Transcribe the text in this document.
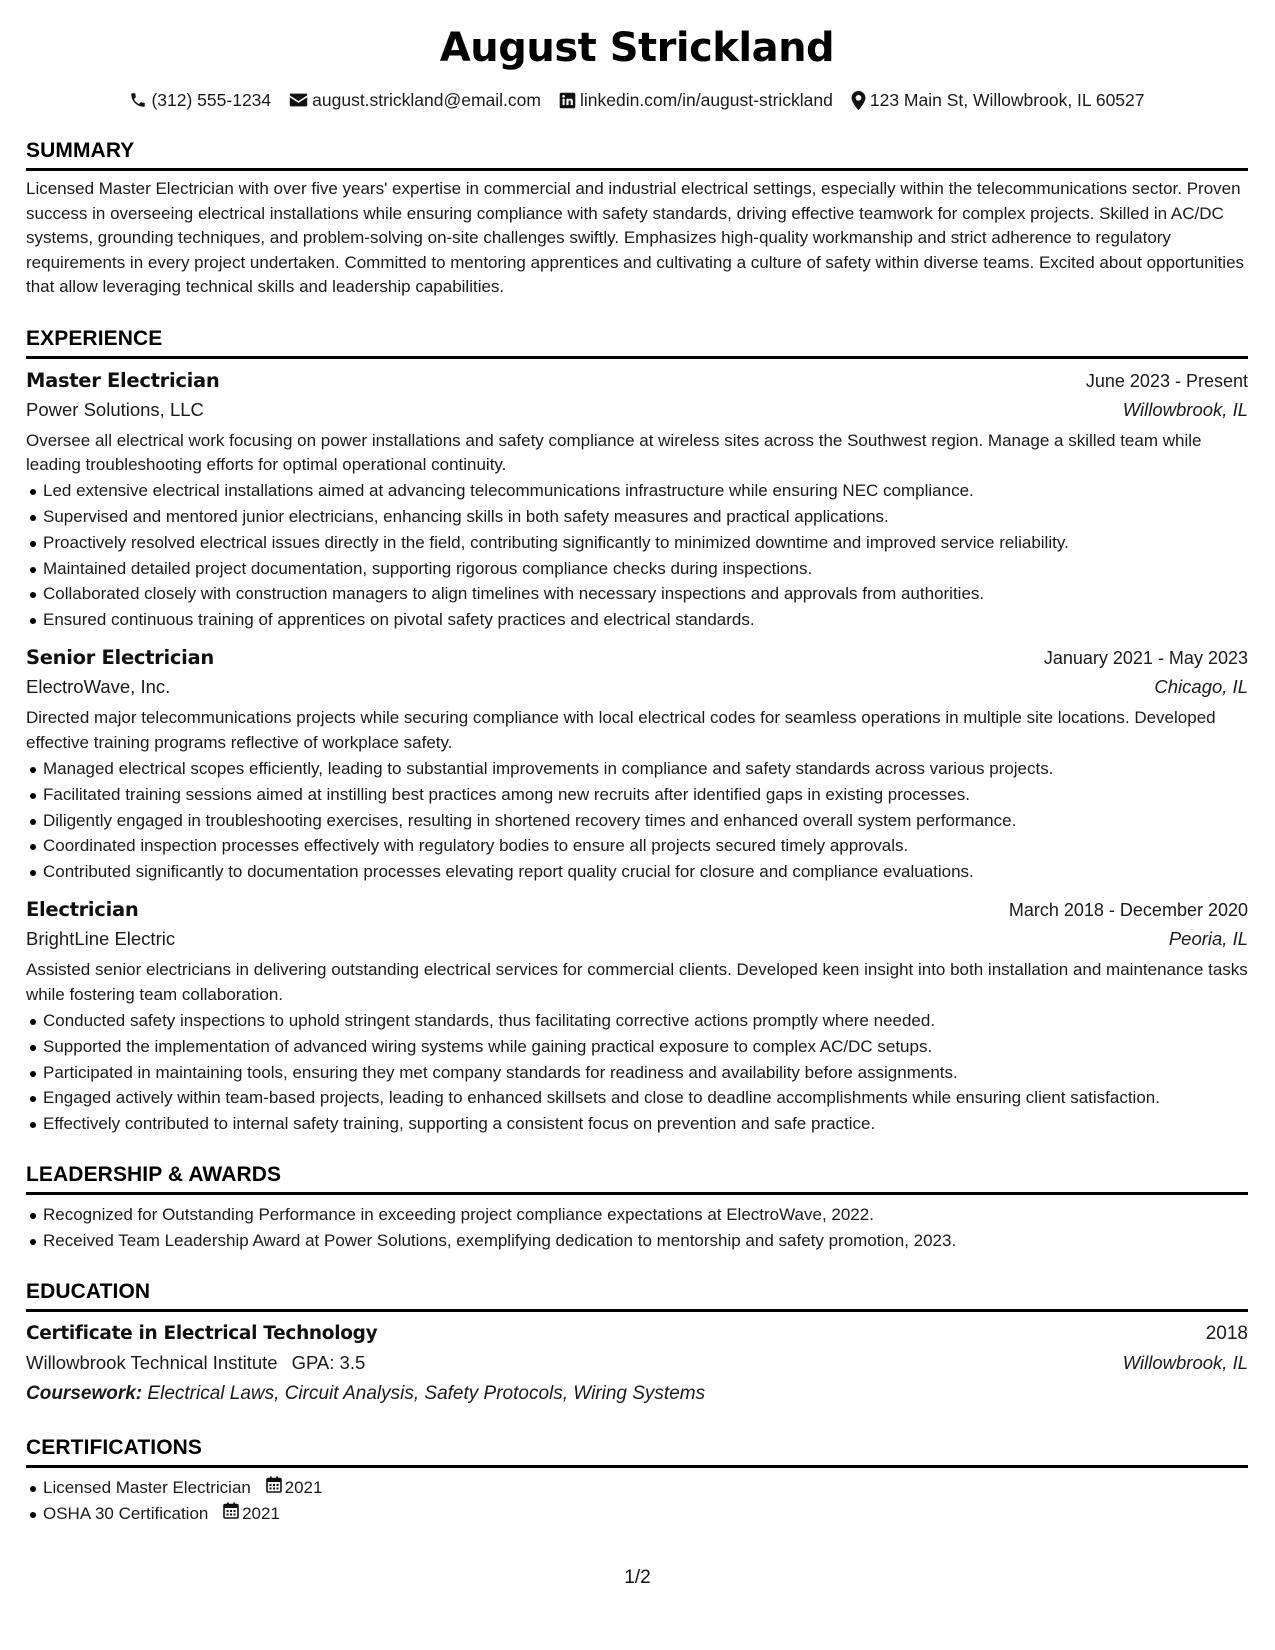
August Strickland
(312) 555-1234 august.strickland@email.com linkedin.com/in/august-strickland 123 Main St, Willowbrook, IL 60527
SUMMARY
Licensed Master Electrician with over five years' expertise in commercial and industrial electrical settings, especially within the telecommunications sector. Proven success in overseeing electrical installations while ensuring compliance with safety standards, driving effective teamwork for complex projects. Skilled in AC/DC systems, grounding techniques, and problem-solving on-site challenges swiftly. Emphasizes high-quality workmanship and strict adherence to regulatory requirements in every project undertaken. Committed to mentoring apprentices and cultivating a culture of safety within diverse teams. Excited about opportunities that allow leveraging technical skills and leadership capabilities.
EXPERIENCE
Master Electrician	June 2023 - Present
Power Solutions, LLC	Willowbrook, IL
Oversee all electrical work focusing on power installations and safety compliance at wireless sites across the Southwest region. Manage a skilled team while leading troubleshooting efforts for optimal operational continuity.
Led extensive electrical installations aimed at advancing telecommunications infrastructure while ensuring NEC compliance.
Supervised and mentored junior electricians, enhancing skills in both safety measures and practical applications.
Proactively resolved electrical issues directly in the field, contributing significantly to minimized downtime and improved service reliability.
Maintained detailed project documentation, supporting rigorous compliance checks during inspections.
Collaborated closely with construction managers to align timelines with necessary inspections and approvals from authorities.
Ensured continuous training of apprentices on pivotal safety practices and electrical standards.
Senior Electrician	January 2021 - May 2023
ElectroWave, Inc.	Chicago, IL
Directed major telecommunications projects while securing compliance with local electrical codes for seamless operations in multiple site locations. Developed effective training programs reflective of workplace safety.
Managed electrical scopes efficiently, leading to substantial improvements in compliance and safety standards across various projects.
Facilitated training sessions aimed at instilling best practices among new recruits after identified gaps in existing processes.
Diligently engaged in troubleshooting exercises, resulting in shortened recovery times and enhanced overall system performance.
Coordinated inspection processes effectively with regulatory bodies to ensure all projects secured timely approvals.
Contributed significantly to documentation processes elevating report quality crucial for closure and compliance evaluations.
Electrician	March 2018 - December 2020
BrightLine Electric	Peoria, IL
Assisted senior electricians in delivering outstanding electrical services for commercial clients. Developed keen insight into both installation and maintenance tasks while fostering team collaboration.
Conducted safety inspections to uphold stringent standards, thus facilitating corrective actions promptly where needed.
Supported the implementation of advanced wiring systems while gaining practical exposure to complex AC/DC setups.
Participated in maintaining tools, ensuring they met company standards for readiness and availability before assignments.
Engaged actively within team-based projects, leading to enhanced skillsets and close to deadline accomplishments while ensuring client satisfaction.
Effectively contributed to internal safety training, supporting a consistent focus on prevention and safe practice.
LEADERSHIP & AWARDS
Recognized for Outstanding Performance in exceeding project compliance expectations at ElectroWave, 2022.
Received Team Leadership Award at Power Solutions, exemplifying dedication to mentorship and safety promotion, 2023.
EDUCATION
Certificate in Electrical Technology	2018
Willowbrook Technical Institute GPA: 3.5	Willowbrook, IL
Coursework: Electrical Laws, Circuit Analysis, Safety Protocols, Wiring Systems
CERTIFICATIONS
Licensed Master Electrician 2021
OSHA 30 Certification 2021
1/2
